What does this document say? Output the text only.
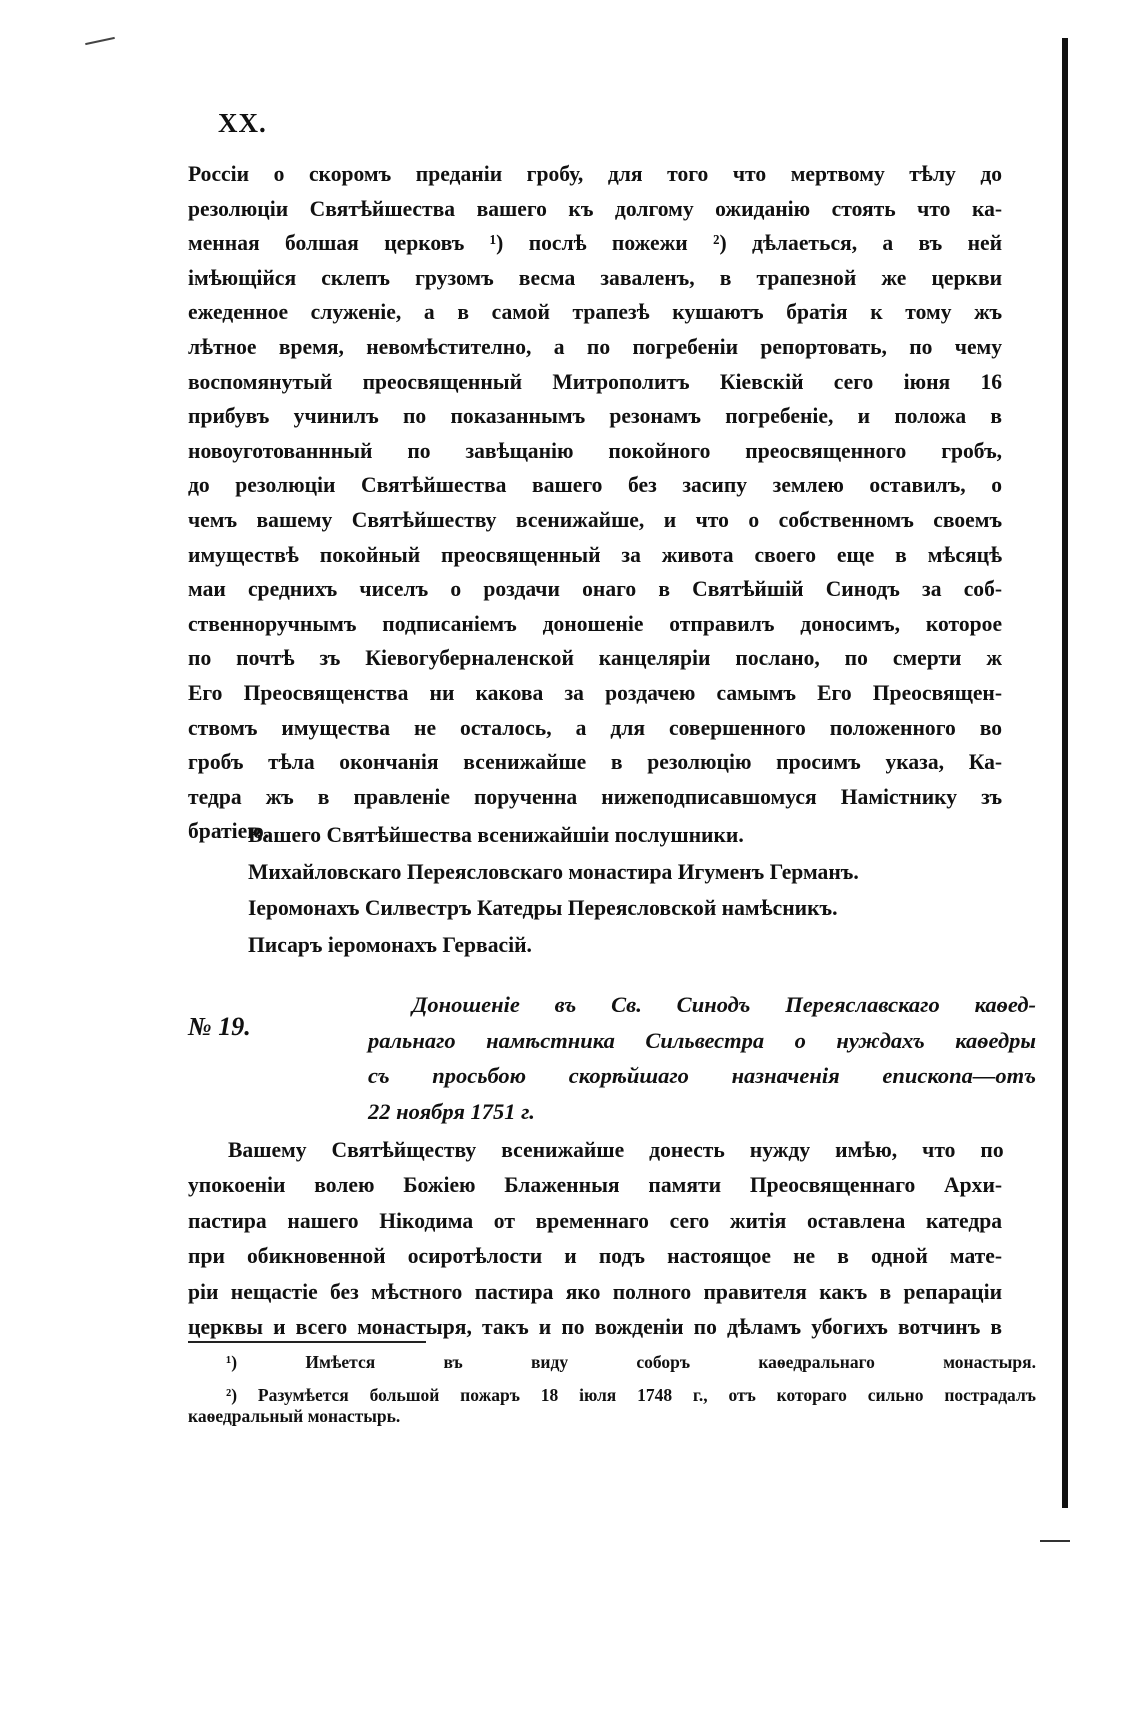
XX.
Россiи о скоромъ преданiи гробу, для того что мертвому тѣлу до
резолюцiи Святѣйшества вашего къ долгому ожиданiю стоять что ка-
менная болшая церковъ ¹) послѣ пожежи ²) дѣлаеться, а въ ней
iмѣющiйся склепъ грузомъ весма заваленъ, в трапезной же церкви
ежеденное служенiе, а в самой трапезѣ кушаютъ братiя к тому жъ
лѣтное время, невомѣстително, а по погребенiи репортовать, по чему
воспомянутый преосвященный Митрополитъ Кiевскiй сего iюня 16
прибувъ учинилъ по показаннымъ резонамъ погребенiе, и положа в
новоуготованнный по завѣщанiю покойного преосвященного гробъ,
до резолюцiи Святѣйшества вашего без засипу землею оставилъ, о
чемъ вашему Святѣйшеству всенижайше, и что о собственномъ своемъ
имуществѣ покойный преосвященный за живота своего еще в мѣсяцѣ
маи среднихъ чиселъ о роздачи онаго в Святѣйшiй Синодъ за соб-
ственноручнымъ подписанiемъ доношенiе отправилъ доносимъ, которое
по почтѣ зъ Кiевогуберналенской канцелярiи послано, по смерти ж
Его Преосвященства ни какова за роздачею самымъ Его Преосвящен-
ствомъ имущества не осталось, а для совершенного положенного во
гробъ тѣла окончанiя всенижайше в резолюцiю просимъ указа, Ка-
тедра жъ в правленiе порученна нижеподписавшомуся Намiстнику зъ
братiею.
Вашего Святѣйшества всенижайшiи послушники.
Михайловскаго Переясловскаго монастира Игуменъ Германъ.
Iеромонахъ Силвестръ Катедры Переясловской намѣсникъ.
Писаръ iеромонахъ Гервасiй.
№ 19.
Доношенiе въ Св. Синодъ Переяславскаго каѳед-
ральнаго намѣстника Сильвестра о нуждахъ каѳедры
съ просьбою скорѣйшаго назначенiя епископа—отъ
22 ноября 1751 г.
Вашему Святѣйществу всенижайше донесть нужду имѣю, что по
упокоенiи волею Божiею Блаженныя памяти Преосвященнаго Архи-
пастира нашего Нiкодима от временнаго сего житiя оставлена катедра
при обикновенной осиротѣлости и подъ настоящое не в одной мате-
рiи нещастiе без мѣстного пастира яко полного правителя какъ в репарацiи
церквы и всего монастыря, такъ и по вожденiи по дѣламъ убогихъ вотчинъ в
¹) Имѣется въ виду соборъ каѳедральнаго монастыря.
²) Разумѣется большой пожаръ 18 iюля 1748 г., отъ котораго сильно пострадалъ
каѳедральный монастырь.
